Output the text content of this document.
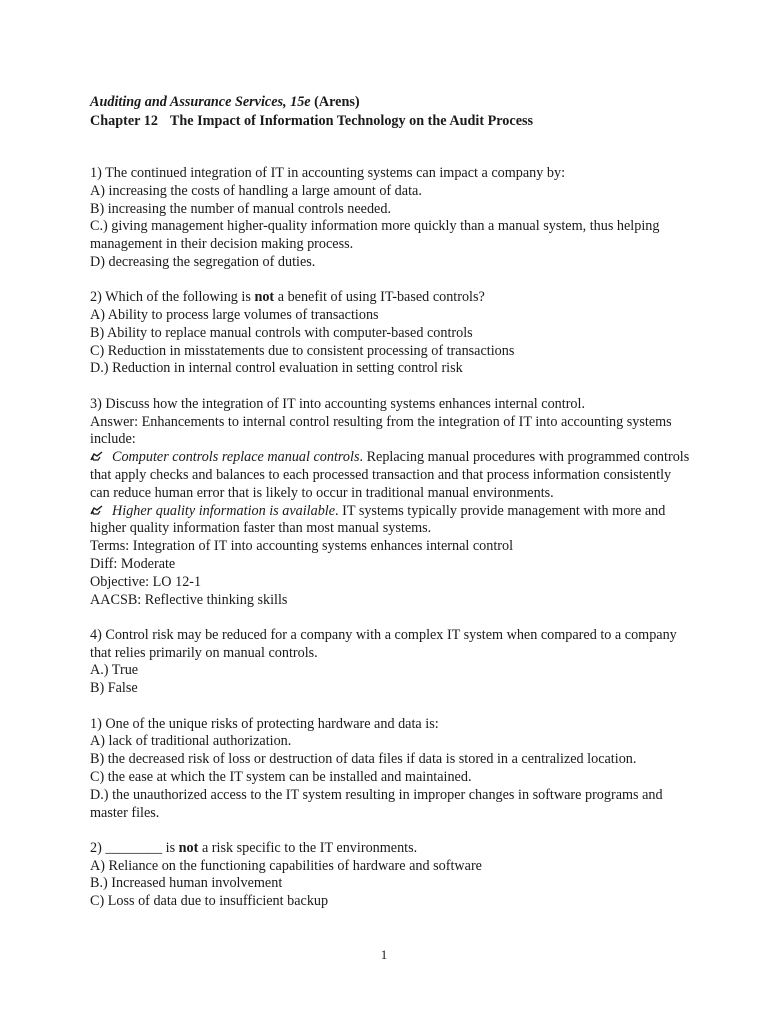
Auditing and Assurance Services, 15e (Arens)

Chapter 12 The Impact of Information Technology on the Audit Process

1) The continued integration of IT in accounting systems can impact a company by:
A) increasing the costs of handling a large amount of data.
B) increasing the number of manual controls needed.
C.) giving management higher-quality information more quickly than a manual system, thus helping management in their decision making process.
D) decreasing the segregation of duties.
2) Which of the following is not a benefit of using IT-based controls?
A) Ability to process large volumes of transactions
B) Ability to replace manual controls with computer-based controls
C) Reduction in misstatements due to consistent processing of transactions
D.) Reduction in internal control evaluation in setting control risk
3) Discuss how the integration of IT into accounting systems enhances internal control.
Answer: Enhancements to internal control resulting from the integration of IT into accounting systems include:
Computer controls replace manual controls. Replacing manual procedures with programmed controls that apply checks and balances to each processed transaction and that process information consistently can reduce human error that is likely to occur in traditional manual environments.
Higher quality information is available. IT systems typically provide management with more and higher quality information faster than most manual systems.
Terms: Integration of IT into accounting systems enhances internal control
Diff: Moderate
Objective: LO 12-1
AACSB: Reflective thinking skills
4) Control risk may be reduced for a company with a complex IT system when compared to a company that relies primarily on manual controls.
A.) True
B) False
1) One of the unique risks of protecting hardware and data is:
A) lack of traditional authorization.
B) the decreased risk of loss or destruction of data files if data is stored in a centralized location.
C) the ease at which the IT system can be installed and maintained.
D.) the unauthorized access to the IT system resulting in improper changes in software programs and master files.
2) ________ is not a risk specific to the IT environments.
A) Reliance on the functioning capabilities of hardware and software
B.) Increased human involvement
C) Loss of data due to insufficient backup
1
